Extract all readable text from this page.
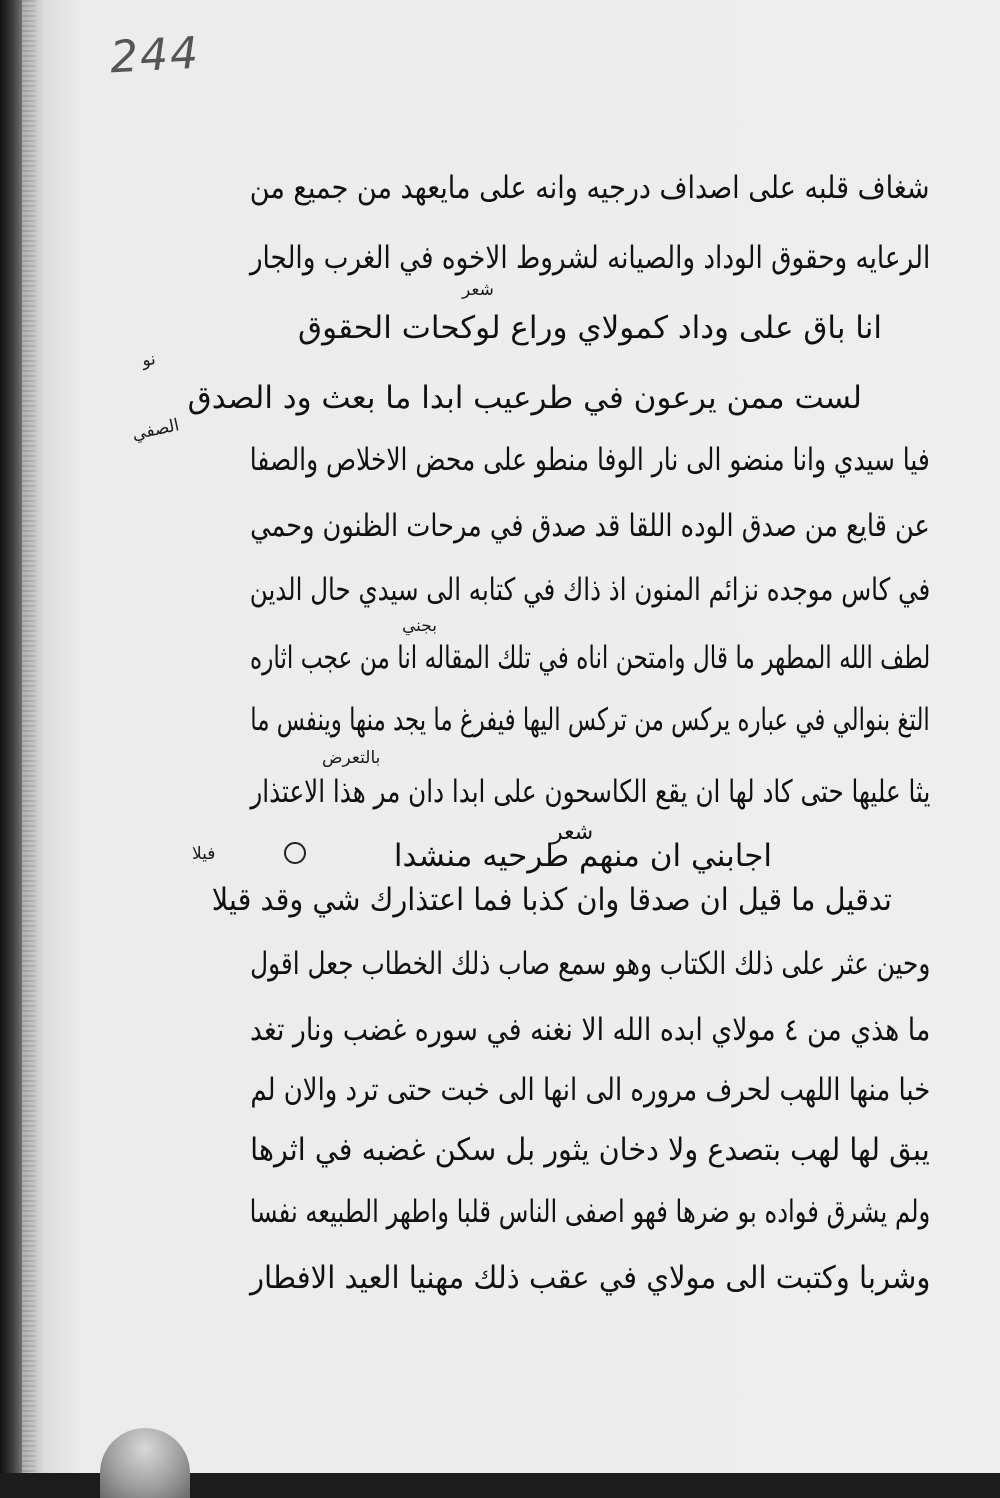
244
شغاف قلبه على اصداف درجيه وانه على مايعهد من جميع من
الرعايه وحقوق الوداد والصيانه لشروط الاخوه في الغرب والجار
شعر
انا باق على وداد كمولاي وراع لوكحات الحقوق
نو
لست ممن يرعون في طرعيب ابدا ما بعث ود الصدق
الصفي
فيا سيدي وانا منضو الى نار الوفا منطو على محض الاخلاص والصفا
عن قايع من صدق الوده اللقا قد صدق في مرحات الظنون وحمي
في كاس موجده نزائم المنون اذ ذاك في كتابه الى سيدي حال الدين
بجني
لطف الله المطهر ما قال وامتحن اناه في تلك المقاله انا من عجب اثاره
التغ بنوالي في عباره يركس من تركس اليها فيفرغ ما يجد منها وينفس ما
بالتعرض
يثا عليها حتى كاد لها ان يقع الكاسحون على ابدا دان مر هذا الاعتذار
شعر
اجابني ان منهم طرحيه منشدا
فيلا
تدقيل ما قيل ان صدقا وان كذبا فما اعتذارك شي وقد قيلا
وحين عثر على ذلك الكتاب وهو سمع صاب ذلك الخطاب جعل اقول
ما هذي من ٤ مولاي ابده الله الا نغنه في سوره غضب ونار تغد
خبا منها اللهب لحرف مروره الى انها الى خبت حتى ترد والان لم
يبق لها لهب بتصدع ولا دخان يثور بل سكن غضبه في اثرها
ولم يشرق فواده بو ضرها فهو اصفى الناس قلبا واطهر الطبيعه نفسا
وشربا وكتبت الى مولاي في عقب ذلك مهنيا العيد الافطار
